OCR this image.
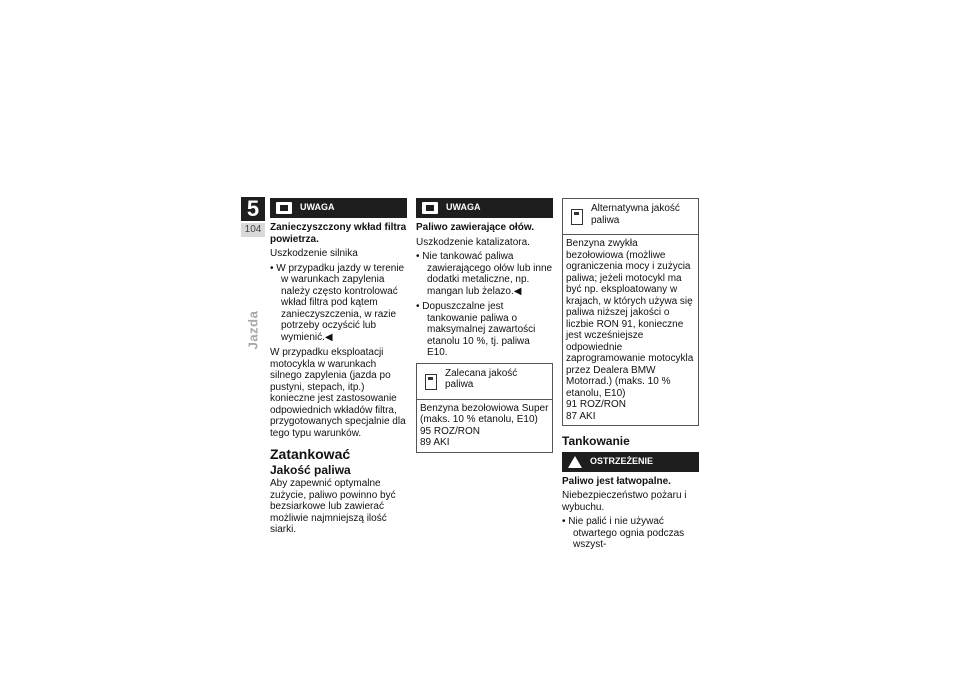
5
104
Jazda
UWAGA

Zanieczyszczony wkład filtra powietrza.

Uszkodzenie silnika

• W przypadku jazdy w terenie w warunkach zapylenia należy często kontrolować wkład filtra pod kątem zanieczyszczenia, w razie potrzeby oczyścić lub wymienić.◀

W przypadku eksploatacji motocykla w warunkach silnego zapylenia (jazda po pustyni, stepach, itp.) konieczne jest zastosowanie odpowiednich wkładów filtra, przygotowanych specjalnie dla tego typu warunków.

Zatankować
Jakość paliwa

Aby zapewnić optymalne zużycie, paliwo powinno być bezsiarkowe lub zawierać możliwie najmniejszą ilość siarki.

UWAGA

Paliwo zawierające ołów.

Uszkodzenie katalizatora.

• Nie tankować paliwa zawierającego ołów lub inne dodatki metaliczne, np. mangan lub żelazo.◀

• Dopuszczalne jest tankowanie paliwa o maksymalnej zawartości etanolu 10 %, tj. paliwa E10.

Zalecana jakość paliwa
Benzyna bezołowiowa Super (maks. 10 % etanolu, E10)
95 ROZ/RON
89 AKI
Alternatywna jakość paliwa
Benzyna zwykła bezołowiowa (możliwe ograniczenia mocy i zużycia paliwa; jeżeli motocykl ma być np. eksploatowany w krajach, w których używa się paliwa niższej jakości o liczbie RON 91, konieczne jest wcześniejsze odpowiednie zaprogramowanie motocykla przez Dealera BMW Motorrad.) (maks. 10 % etanolu, E10)
91 ROZ/RON
87 AKI
Tankowanie
OSTRZEŻENIE

Paliwo jest łatwopalne.

Niebezpieczeństwo pożaru i wybuchu.

• Nie palić i nie używać otwartego ognia podczas wszyst-
